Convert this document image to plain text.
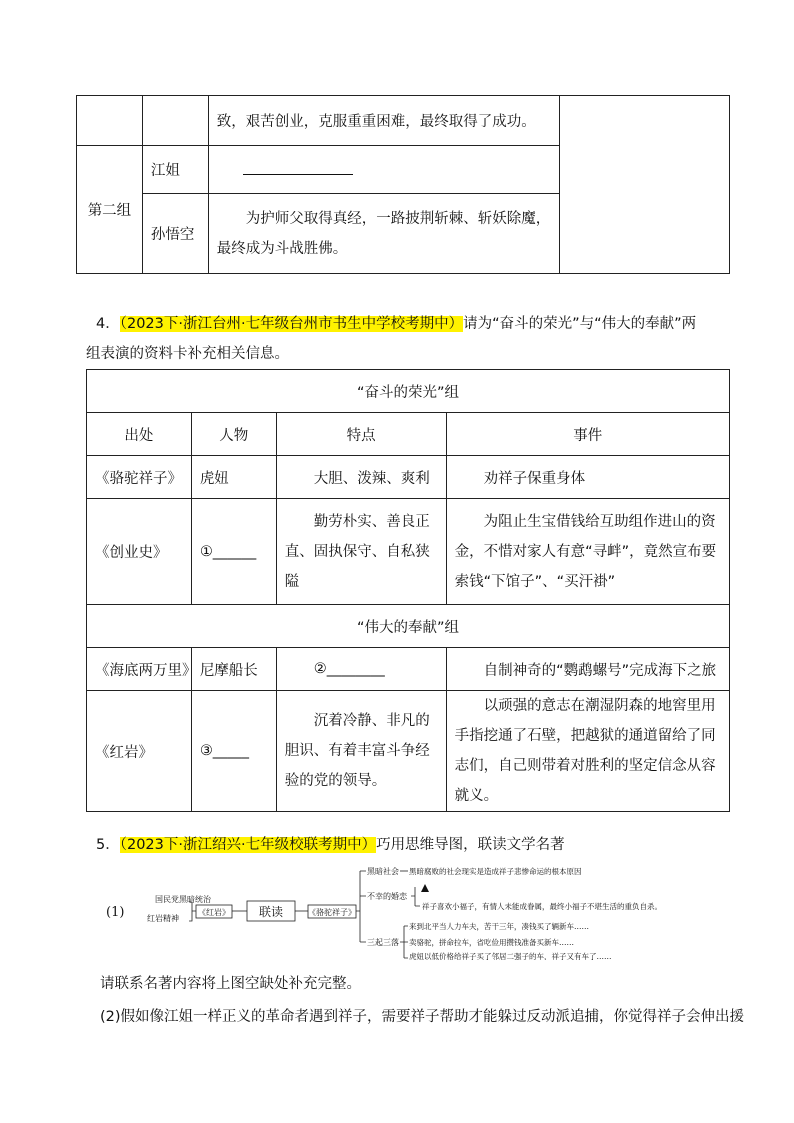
		致，艰苦创业，克服重重困难，最终取得了成功。	
第二组	江姐		
	孙悟空	为护师父取得真经，一路披荆斩棘、斩妖除魔，最终成为斗战胜佛。	
4．（2023下·浙江台州·七年级台州市书生中学校考期中）请为“奋斗的荣光”与“伟大的奉献”两
组表演的资料卡补充相关信息。
“奋斗的荣光”组			
出处	人物	特点	事件
《骆驼祥子》	虎妞	大胆、泼辣、爽利	劝祥子保重身体
《创业史》	①______	勤劳朴实、善良正直、固执保守、自私狭隘	为阻止生宝借钱给互助组作进山的资金，不惜对家人有意“寻衅”，竟然宣布要索钱“下馆子”、“买汗褂”
“伟大的奉献”组			
《海底两万里》	尼摩船长	②________	自制神奇的“鹦鹉螺号”完成海下之旅
《红岩》	③_____	沉着冷静、非凡的胆识、有着丰富斗争经验的党的领导。	以顽强的意志在潮湿阴森的地窖里用手指挖通了石壁，把越狱的通道留给了同志们，自己则带着对胜利的坚定信念从容就义。
5．（2023下·浙江绍兴·七年级校联考期中）巧用思维导图，联读文学名著
(1)
国民党黑暗统治
红岩精神
《红岩》 联读	《骆驼祥子》
黑暗社会 黑暗腐败的社会现实是造成祥子悲惨命运的根本原因
不幸的婚恋
祥子喜欢小福子，有情人未能成眷属，最终小福子不堪生活的重负自杀。
三起三落
来到北平当人力车夫，苦干三年，凑钱买了辆新车……
卖骆驼，拼命拉车，省吃俭用攒钱准备买新车……
虎妞以低价格给祥子买了邻居二强子的车，祥子又有车了……
请联系名著内容将上图空缺处补充完整。
(2)假如像江姐一样正义的革命者遇到祥子，需要祥子帮助才能躲过反动派追捕，你觉得祥子会伸出援
